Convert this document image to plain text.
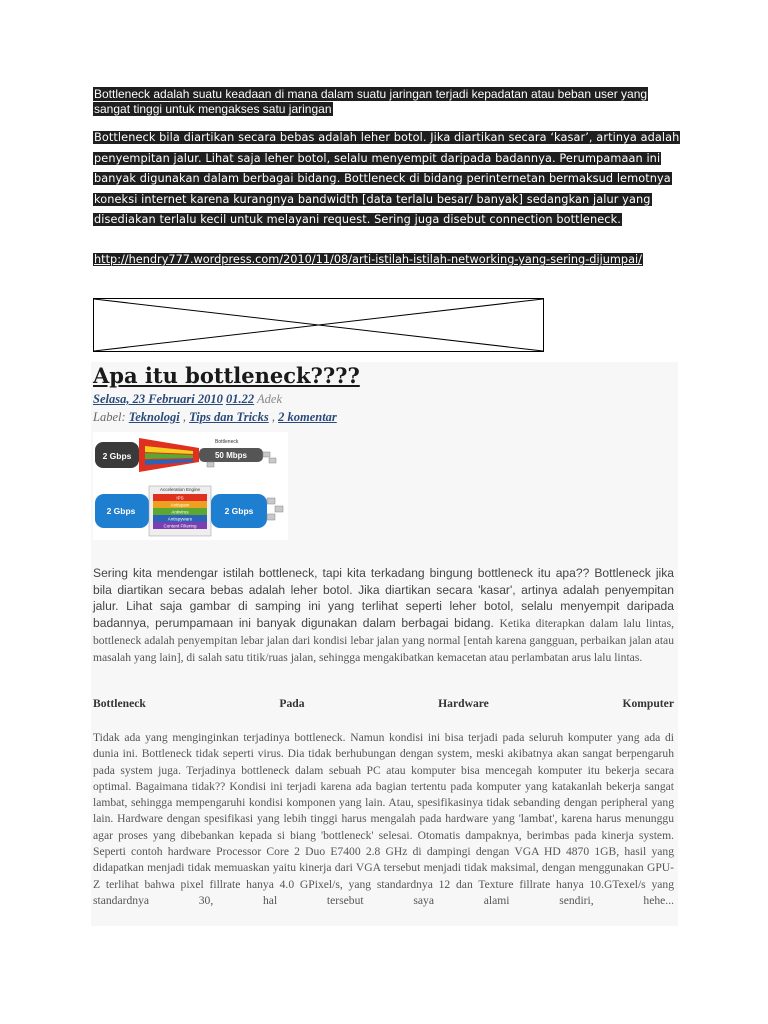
Bottleneck adalah suatu keadaan di mana dalam suatu jaringan terjadi kepadatan atau beban user yang sangat tinggi untuk mengakses satu jaringan
Bottleneck bila diartikan secara bebas adalah leher botol. Jika diartikan secara ‘kasar’, artinya adalah penyempitan jalur. Lihat saja leher botol, selalu menyempit daripada badannya. Perumpamaan ini banyak digunakan dalam berbagai bidang. Bottleneck di bidang perinternetan bermaksud lemotnya koneksi internet karena kurangnya bandwidth [data terlalu besar/ banyak] sedangkan jalur yang disediakan terlalu kecil untuk melayani request. Sering juga disebut connection bottleneck.
http://hendry777.wordpress.com/2010/11/08/arti-istilah-istilah-networking-yang-sering-dijumpai/
Apa itu bottleneck????
Selasa, 23 Februari 2010 01.22 Adek
Label: Teknologi , Tips dan Tricks , 2 komentar
2 Gbps	50 Mbps
Bottleneck
2 Gbps
Acceleration Engine
IPS
Antispam
Antivirus
Antispyware
Content Filtering
2 Gbps
Sering kita mendengar istilah bottleneck, tapi kita terkadang bingung bottleneck itu apa?? Bottleneck jika bila diartikan secara bebas adalah leher botol. Jika diartikan secara 'kasar', artinya adalah penyempitan jalur. Lihat saja gambar di samping ini yang terlihat seperti leher botol, selalu menyempit daripada badannya, perumpamaan ini banyak digunakan dalam berbagai bidang. Ketika diterapkan dalam lalu lintas, bottleneck adalah penyempitan lebar jalan dari kondisi lebar jalan yang normal [entah karena gangguan, perbaikan jalan atau masalah yang lain], di salah satu titik/ruas jalan, sehingga mengakibatkan kemacetan atau perlambatan arus lalu lintas.
Bottleneck	Pada	Hardware	Komputer
Tidak ada yang menginginkan terjadinya bottleneck. Namun kondisi ini bisa terjadi pada seluruh komputer yang ada di dunia ini. Bottleneck tidak seperti virus. Dia tidak berhubungan dengan system, meski akibatnya akan sangat berpengaruh pada system juga. Terjadinya bottleneck dalam sebuah PC atau komputer bisa mencegah komputer itu bekerja secara optimal. Bagaimana tidak?? Kondisi ini terjadi karena ada bagian tertentu pada komputer yang katakanlah bekerja sangat lambat, sehingga mempengaruhi kondisi komponen yang lain. Atau, spesifikasinya tidak sebanding dengan peripheral yang lain. Hardware dengan spesifikasi yang lebih tinggi harus mengalah pada hardware yang 'lambat', karena harus menunggu agar proses yang dibebankan kepada si biang 'bottleneck' selesai. Otomatis dampaknya, berimbas pada kinerja system. Seperti contoh hardware Processor Core 2 Duo E7400 2.8 GHz di dampingi dengan VGA HD 4870 1GB, hasil yang didapatkan menjadi tidak memuaskan yaitu kinerja dari VGA tersebut menjadi tidak maksimal, dengan menggunakan GPU-Z terlihat bahwa pixel fillrate hanya 4.0 GPixel/s, yang standardnya 12 dan Texture fillrate hanya 10.GTexel/s yang standardnya 30, hal tersebut saya alami sendiri, hehe...
